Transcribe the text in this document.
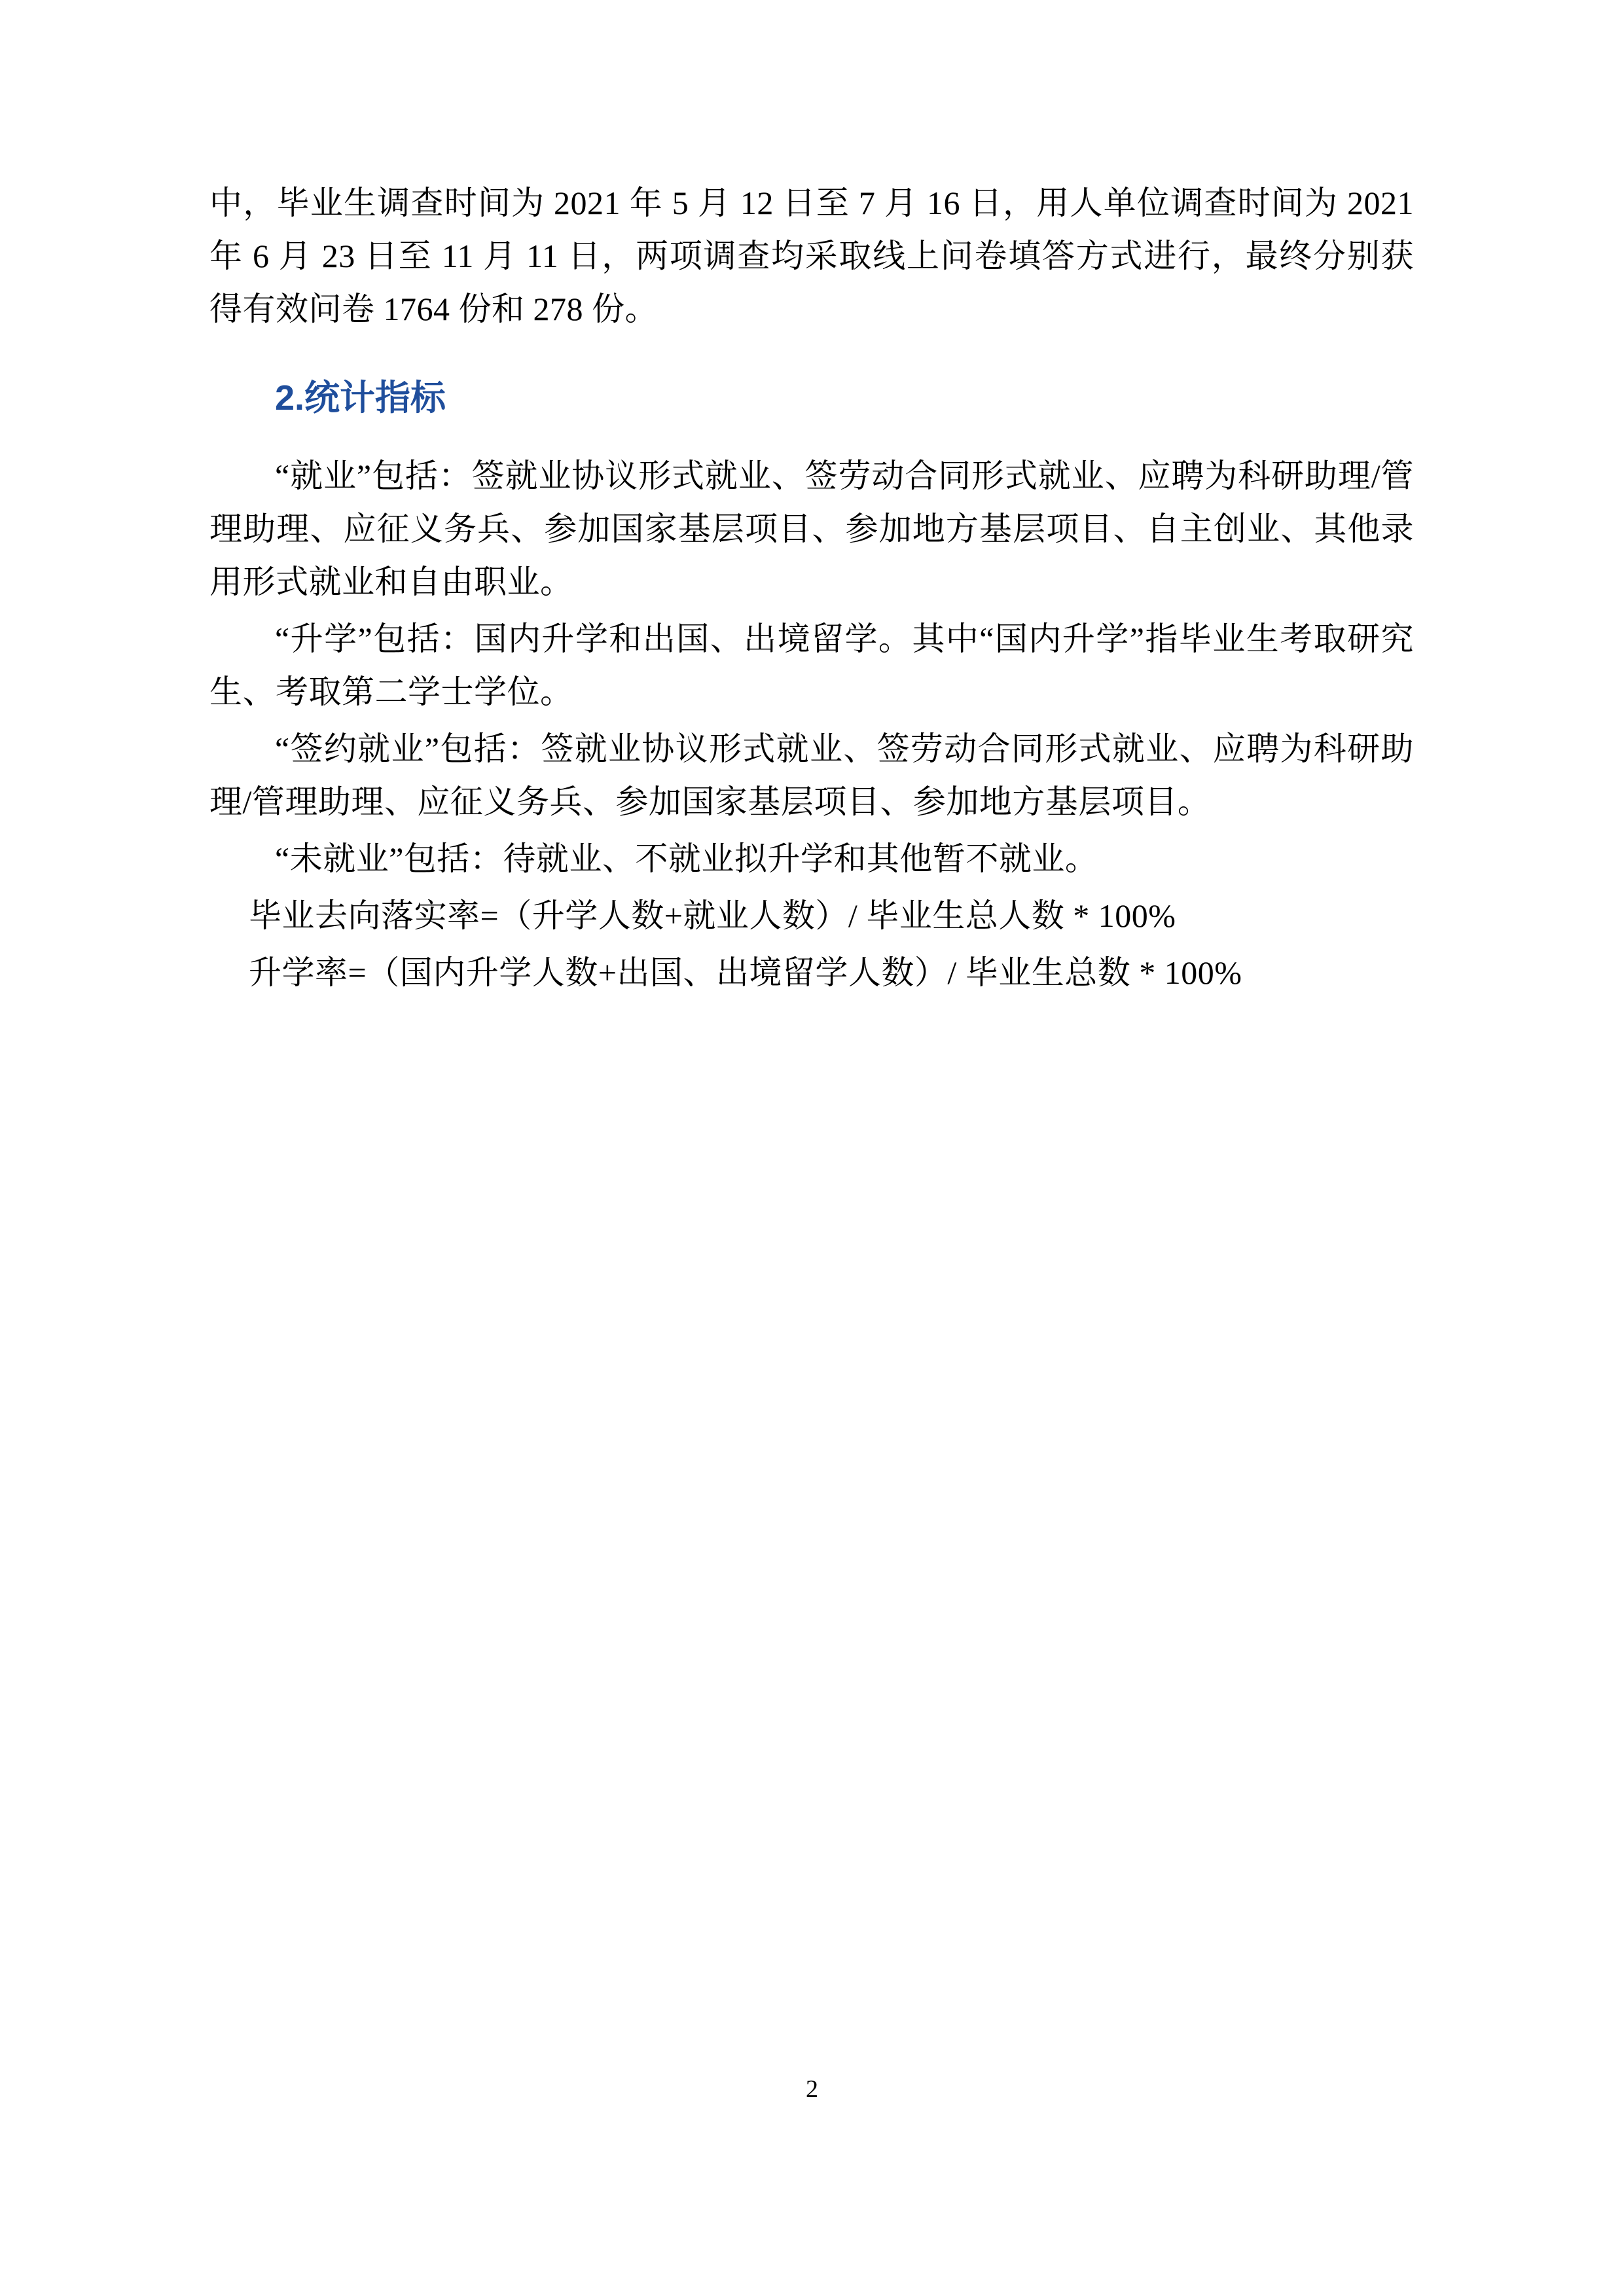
中，毕业生调查时间为 2021 年 5 月 12 日至 7 月 16 日，用人单位调查时间为 2021 年 6 月 23 日至 11 月 11 日，两项调查均采取线上问卷填答方式进行，最终分别获得有效问卷 1764 份和 278 份。

2.统计指标

“就业”包括：签就业协议形式就业、签劳动合同形式就业、应聘为科研助理/管理助理、应征义务兵、参加国家基层项目、参加地方基层项目、自主创业、其他录用形式就业和自由职业。

“升学”包括：国内升学和出国、出境留学。其中“国内升学”指毕业生考取研究生、考取第二学士学位。

“签约就业”包括：签就业协议形式就业、签劳动合同形式就业、应聘为科研助理/管理助理、应征义务兵、参加国家基层项目、参加地方基层项目。

“未就业”包括：待就业、不就业拟升学和其他暂不就业。

毕业去向落实率=（升学人数+就业人数）/ 毕业生总人数 * 100%

升学率=（国内升学人数+出国、出境留学人数）/ 毕业生总数 * 100%

2
